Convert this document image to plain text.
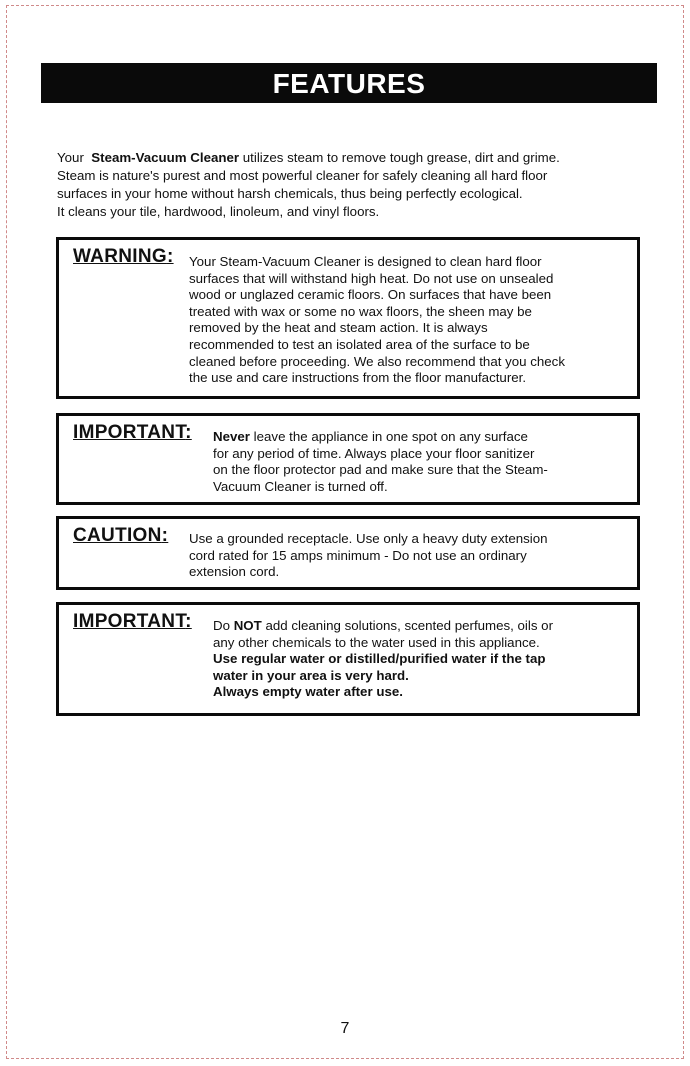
FEATURES
Your Steam-Vacuum Cleaner utilizes steam to remove tough grease, dirt and grime.
Steam is nature's purest and most powerful cleaner for safely cleaning all hard floor
surfaces in your home without harsh chemicals, thus being perfectly ecological.
It cleans your tile, hardwood, linoleum, and vinyl floors.
WARNING: Your Steam-Vacuum Cleaner is designed to clean hard floor

surfaces that will withstand high heat. Do not use on unsealed

wood or unglazed ceramic floors. On surfaces that have been

treated with wax or some no wax floors, the sheen may be

removed by the heat and steam action. It is always

recommended to test an isolated area of the surface to be

cleaned before proceeding. We also recommend that you check

the use and care instructions from the floor manufacturer.

IMPORTANT: Never leave the appliance in one spot on any surface

for any period of time. Always place your floor sanitizer

on the floor protector pad and make sure that the Steam-

Vacuum Cleaner is turned off.

CAUTION: Use a grounded receptacle. Use only a heavy duty extension

cord rated for 15 amps minimum - Do not use an ordinary

extension cord.

IMPORTANT: Do NOT add cleaning solutions, scented perfumes, oils or

any other chemicals to the water used in this appliance.

Use regular water or distilled/purified water if the tap

water in your area is very hard.

Always empty water after use.

7
